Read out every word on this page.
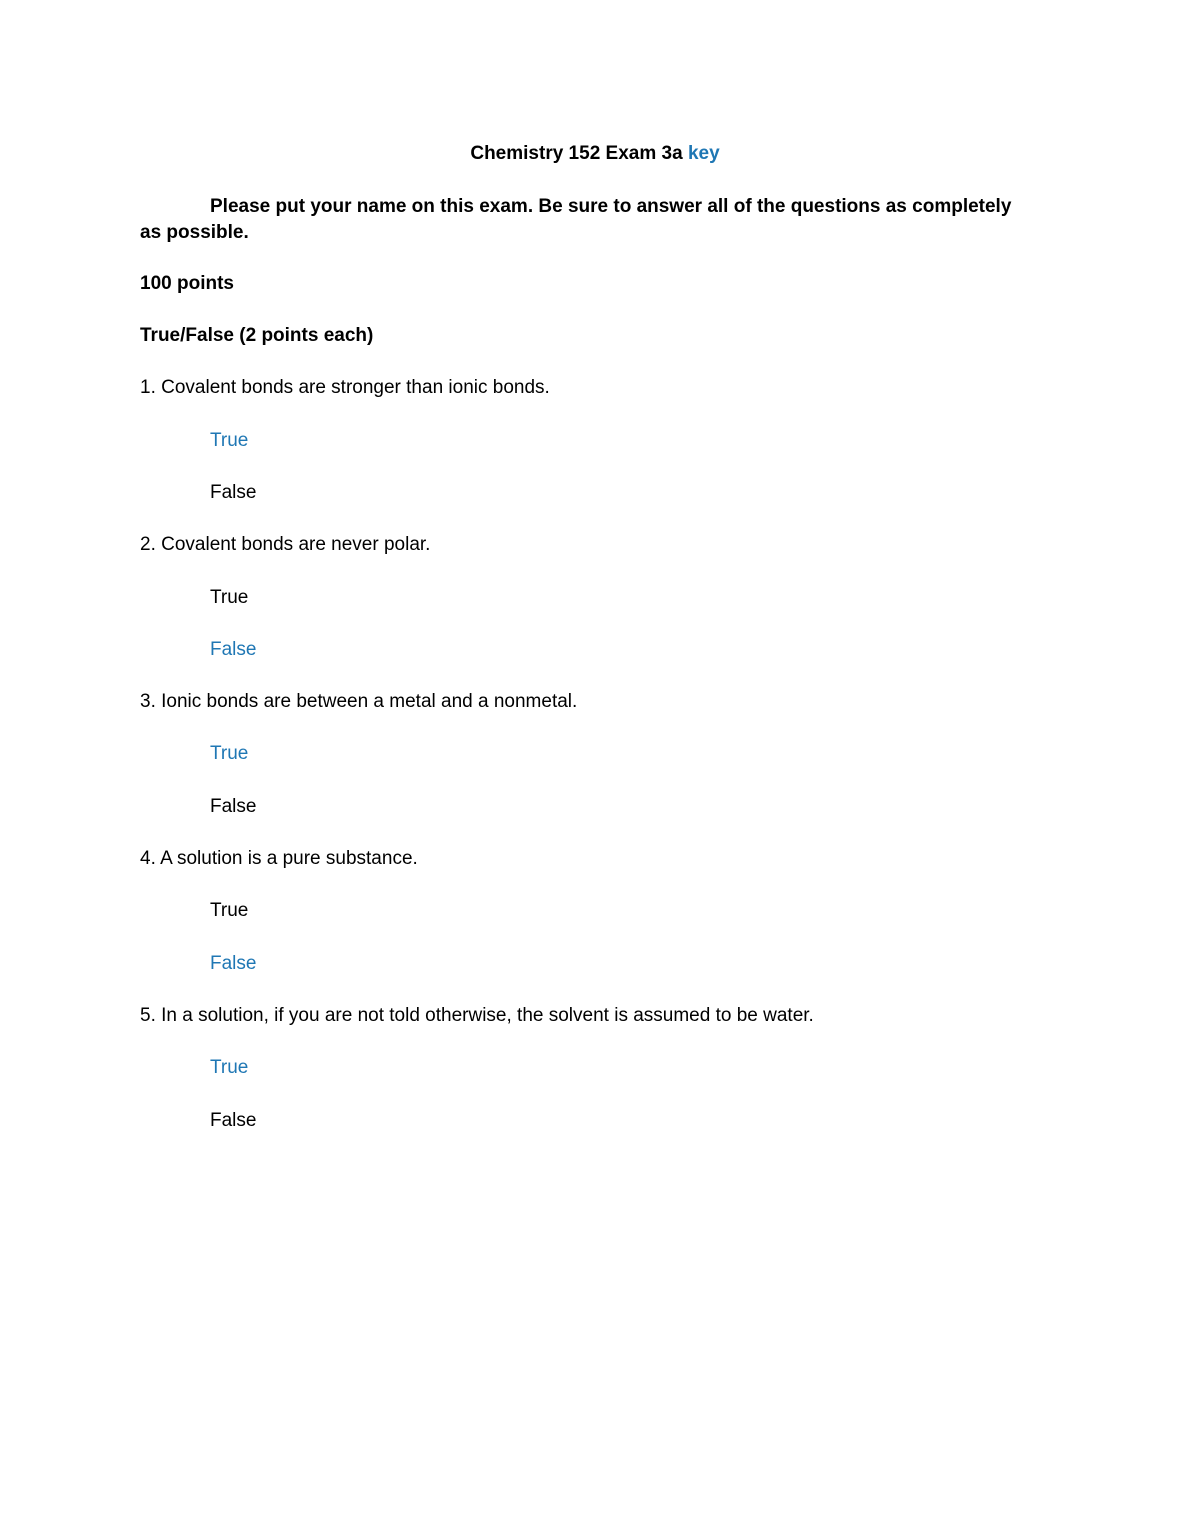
Chemistry 152 Exam 3a key
Please put your name on this exam. Be sure to answer all of the questions as completely as possible.
100 points
True/False (2 points each)
1. Covalent bonds are stronger than ionic bonds.
True
False
2. Covalent bonds are never polar.
True
False
3. Ionic bonds are between a metal and a nonmetal.
True
False
4. A solution is a pure substance.
True
False
5. In a solution, if you are not told otherwise, the solvent is assumed to be water.
True
False
